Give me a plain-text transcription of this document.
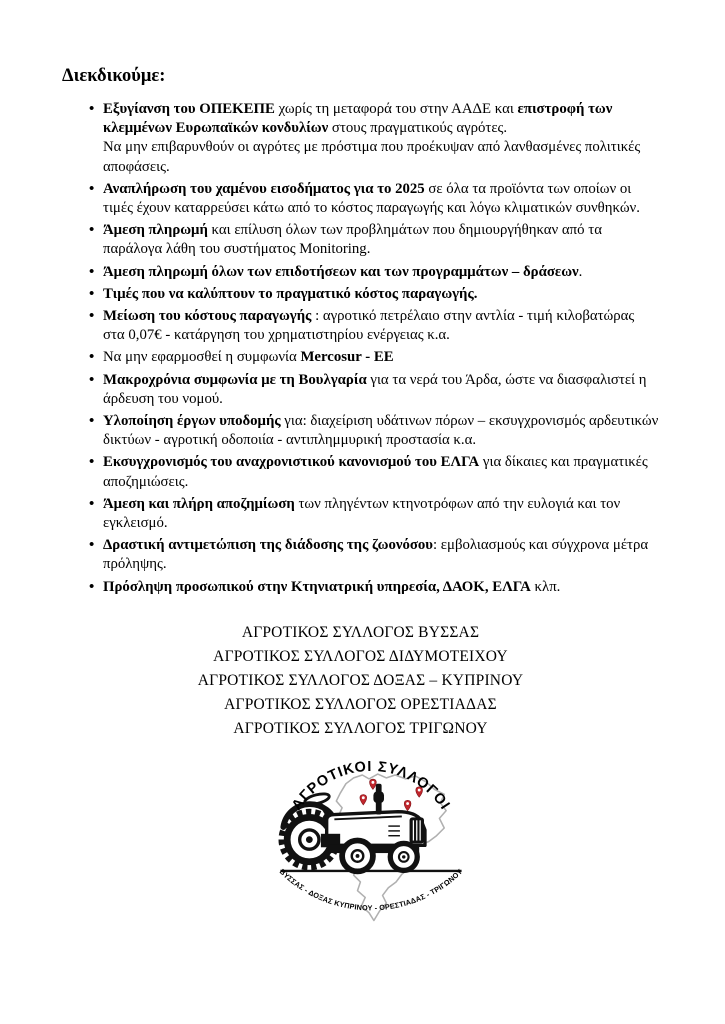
Διεκδικούμε:
• Εξυγίανση του ΟΠΕΚΕΠΕ χωρίς τη μεταφορά του στην ΑΑΔΕ και επιστροφή των κλεμμένων Ευρωπαϊκών κονδυλίων στους πραγματικούς αγρότες.
Να μην επιβαρυνθούν οι αγρότες με πρόστιμα που προέκυψαν από λανθασμένες πολιτικές αποφάσεις.
• Αναπλήρωση του χαμένου εισοδήματος για το 2025 σε όλα τα προϊόντα των οποίων οι τιμές έχουν καταρρεύσει κάτω από το κόστος παραγωγής και λόγω κλιματικών συνθηκών.
• Άμεση πληρωμή και επίλυση όλων των προβλημάτων που δημιουργήθηκαν από τα παράλογα λάθη του συστήματος Monitoring.
• Άμεση πληρωμή όλων των επιδοτήσεων και των προγραμμάτων – δράσεων.
• Τιμές που να καλύπτουν το πραγματικό κόστος παραγωγής.
• Μείωση του κόστους παραγωγής : αγροτικό πετρέλαιο στην αντλία - τιμή κιλοβατώρας στα 0,07€ - κατάργηση του χρηματιστηρίου ενέργειας κ.α.
• Να μην εφαρμοσθεί η συμφωνία Mercosur - ΕΕ
• Μακροχρόνια συμφωνία με τη Βουλγαρία για τα νερά του Άρδα, ώστε να διασφαλιστεί η άρδευση του νομού.
• Υλοποίηση έργων υποδομής για: διαχείριση υδάτινων πόρων – εκσυγχρονισμός αρδευτικών δικτύων - αγροτική οδοποιία - αντιπλημμυρική προστασία κ.α.
• Εκσυγχρονισμός του αναχρονιστικού κανονισμού του ΕΛΓΑ για δίκαιες και πραγματικές αποζημιώσεις.
• Άμεση και πλήρη αποζημίωση των πληγέντων κτηνοτρόφων από την ευλογιά και τον εγκλεισμό.
• Δραστική αντιμετώπιση της διάδοσης της ζωονόσου: εμβολιασμούς και σύγχρονα μέτρα πρόληψης.
• Πρόσληψη προσωπικού στην Κτηνιατρική υπηρεσία, ΔΑΟΚ, ΕΛΓΑ κλπ.
ΑΓΡΟΤΙΚΟΣ ΣΥΛΛΟΓΟΣ ΒΥΣΣΑΣ
ΑΓΡΟΤΙΚΟΣ ΣΥΛΛΟΓΟΣ ΔΙΔΥΜΟΤΕΙΧΟΥ
ΑΓΡΟΤΙΚΟΣ ΣΥΛΛΟΓΟΣ ΔΟΞΑΣ – ΚΥΠΡΙΝΟΥ
ΑΓΡΟΤΙΚΟΣ ΣΥΛΛΟΓΟΣ ΟΡΕΣΤΙΑΔΑΣ
ΑΓΡΟΤΙΚΟΣ ΣΥΛΛΟΓΟΣ ΤΡΙΓΩΝΟΥ
ΑΓΡΟΤΙΚΟΙ ΣΥΛΛΟΓΟΙ
ΒΥΣΣΑΣ - ΔΟΞΑΣ ΚΥΠΡΙΝΟΥ - ΟΡΕΣΤΙΑΔΑΣ - ΤΡΙΓΩΝΟΥ
